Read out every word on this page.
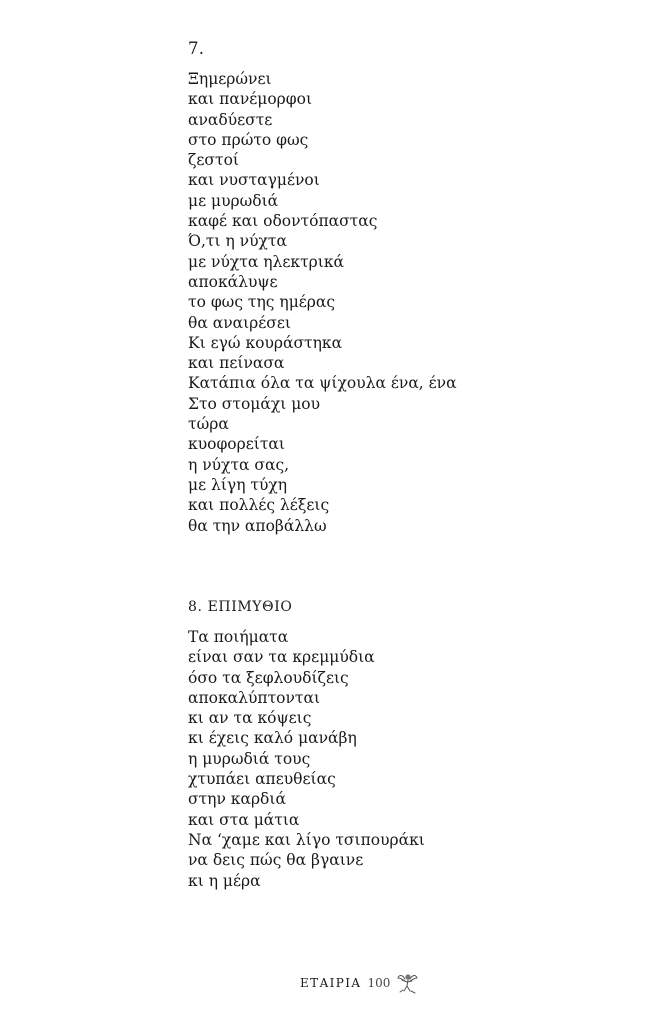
7.
Ξημερώνει
και πανέμορφοι
αναδύεστε
στο πρώτο φως
ζεστοί
και νυσταγμένοι
με μυρωδιά
καφέ και οδοντόπαστας
Ό,τι η νύχτα
με νύχτα ηλεκτρικά
αποκάλυψε
το φως της ημέρας
θα αναιρέσει
Κι εγώ κουράστηκα
και πείνασα
Κατάπια όλα τα ψίχουλα ένα, ένα
Στο στομάχι μου
τώρα
κυοφορείται
η νύχτα σας,
με λίγη τύχη
και πολλές λέξεις
θα την αποβάλλω
8. ΕΠΙΜΥΘΙΟ
Τα ποιήματα
είναι σαν τα κρεμμύδια
όσο τα ξεφλουδίζεις
αποκαλύπτονται
κι αν τα κόψεις
κι έχεις καλό μανάβη
η μυρωδιά τους
χτυπάει απευθείας
στην καρδιά
και στα μάτια
Να ‘χαμε και λίγο τσιπουράκι
να δεις πώς θα βγαινε
κι η μέρα
ΕΤΑΙΡΙΑ 100
